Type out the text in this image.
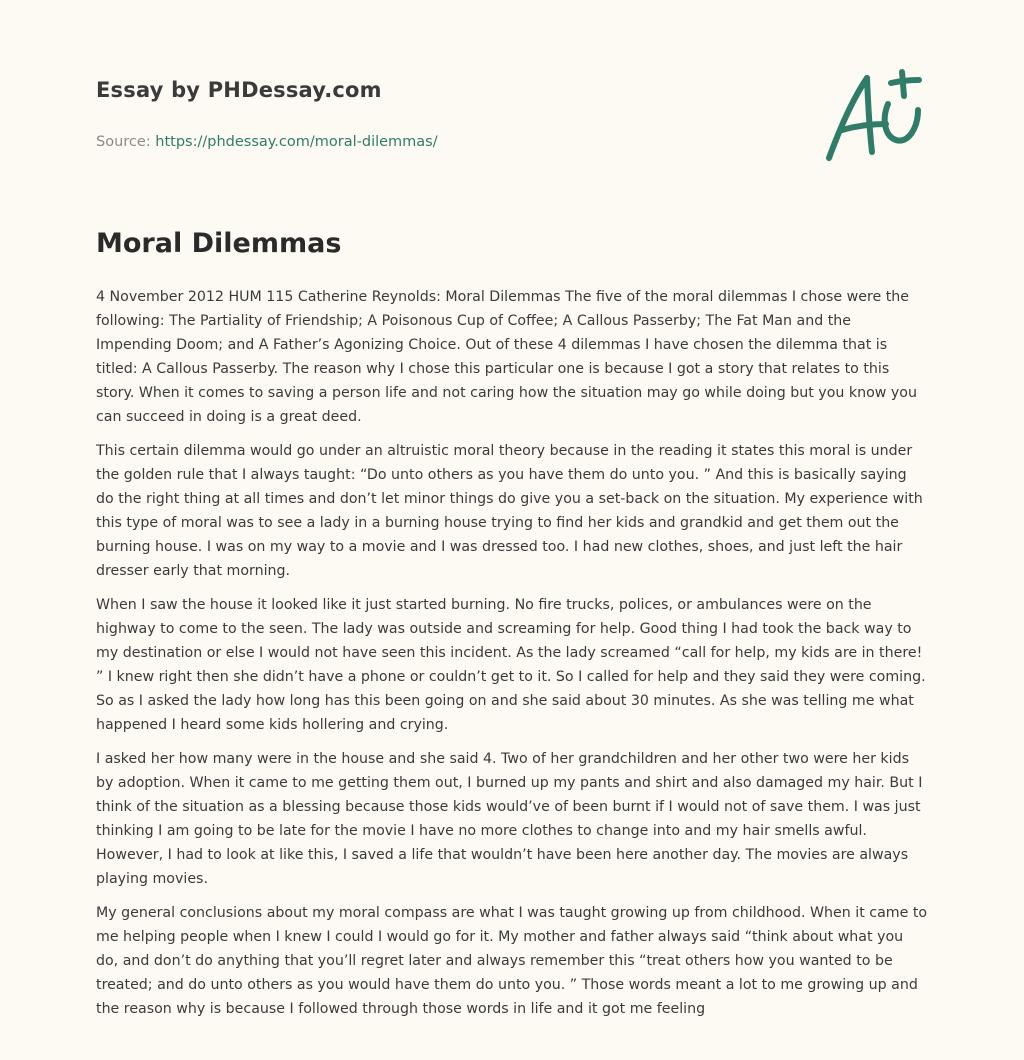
Essay by PHDessay.com
Source: https://phdessay.com/moral-dilemmas/
Moral Dilemmas

4 November 2012 HUM 115 Catherine Reynolds: Moral Dilemmas The five of the moral dilemmas I chose were the following: The Partiality of Friendship; A Poisonous Cup of Coffee; A Callous Passerby; The Fat Man and the Impending Doom; and A Father’s Agonizing Choice. Out of these 4 dilemmas I have chosen the dilemma that is titled: A Callous Passerby. The reason why I chose this particular one is because I got a story that relates to this story. When it comes to saving a person life and not caring how the situation may go while doing but you know you can succeed in doing is a great deed.

This certain dilemma would go under an altruistic moral theory because in the reading it states this moral is under the golden rule that I always taught: “Do unto others as you have them do unto you. ” And this is basically saying do the right thing at all times and don’t let minor things do give you a set-back on the situation. My experience with this type of moral was to see a lady in a burning house trying to find her kids and grandkid and get them out the burning house. I was on my way to a movie and I was dressed too. I had new clothes, shoes, and just left the hair dresser early that morning.

When I saw the house it looked like it just started burning. No fire trucks, polices, or ambulances were on the highway to come to the seen. The lady was outside and screaming for help. Good thing I had took the back way to my destination or else I would not have seen this incident. As the lady screamed “call for help, my kids are in there! ” I knew right then she didn’t have a phone or couldn’t get to it. So I called for help and they said they were coming. So as I asked the lady how long has this been going on and she said about 30 minutes. As she was telling me what happened I heard some kids hollering and crying.

I asked her how many were in the house and she said 4. Two of her grandchildren and her other two were her kids by adoption. When it came to me getting them out, I burned up my pants and shirt and also damaged my hair. But I think of the situation as a blessing because those kids would’ve of been burnt if I would not of save them. I was just thinking I am going to be late for the movie I have no more clothes to change into and my hair smells awful. However, I had to look at like this, I saved a life that wouldn’t have been here another day. The movies are always playing movies.

My general conclusions about my moral compass are what I was taught growing up from childhood. When it came to me helping people when I knew I could I would go for it. My mother and father always said “think about what you do, and don’t do anything that you’ll regret later and always remember this “treat others how you wanted to be treated; and do unto others as you would have them do unto you. ” Those words meant a lot to me growing up and the reason why is because I followed through those words in life and it got me feeling
